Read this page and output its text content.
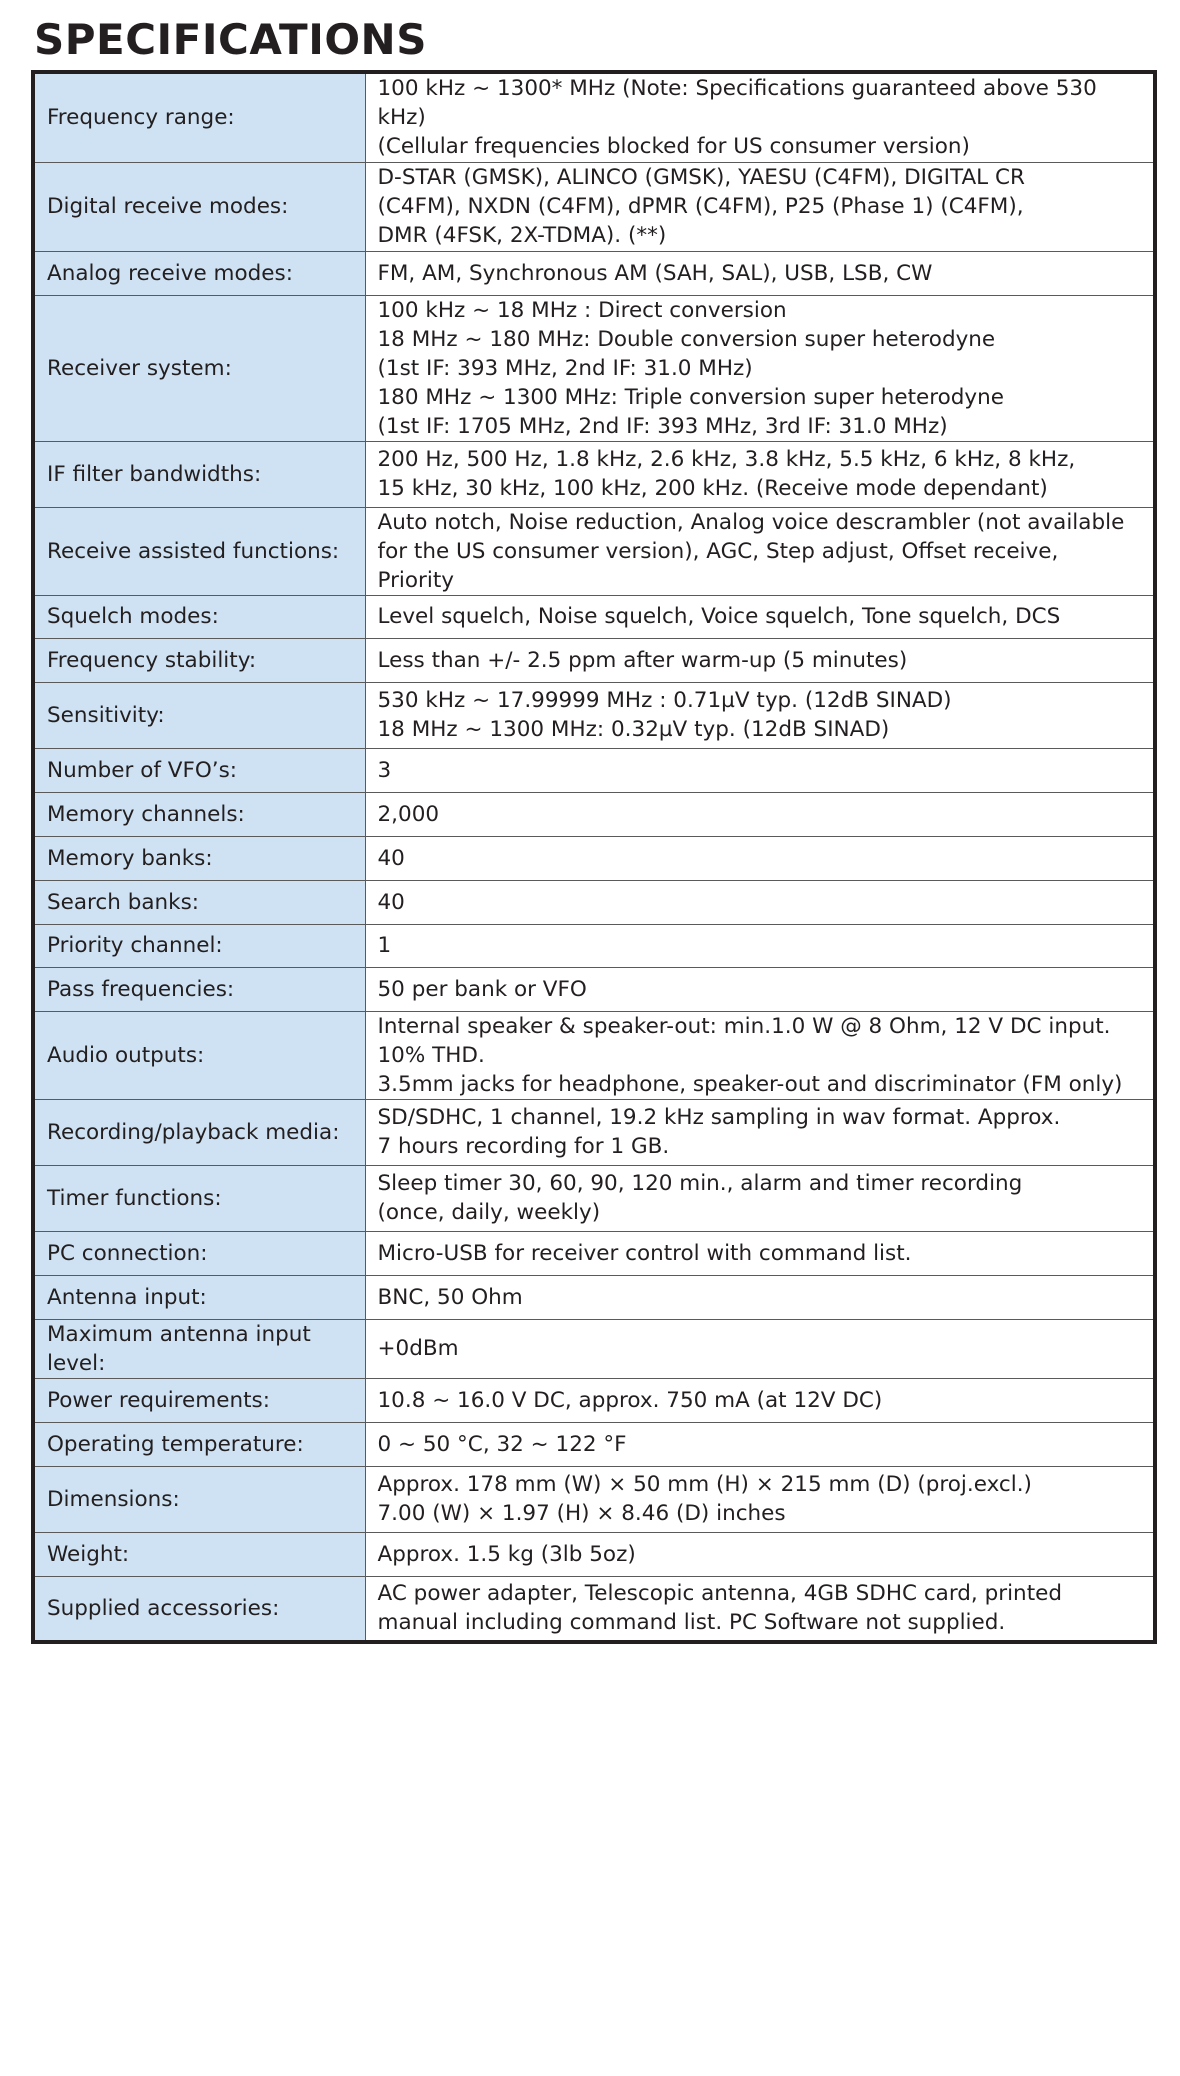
SPECIFICATIONS
Frequency range:	100 kHz ~ 1300* MHz (Note: Specifications guaranteed above 530 kHz)
(Cellular frequencies blocked for US consumer version)
Digital receive modes:	D-STAR (GMSK), ALINCO (GMSK), YAESU (C4FM), DIGITAL CR
(C4FM), NXDN (C4FM), dPMR (C4FM), P25 (Phase 1) (C4FM),
DMR (4FSK, 2X-TDMA). (**)
Analog receive modes:	FM, AM, Synchronous AM (SAH, SAL), USB, LSB, CW
Receiver system:	100 kHz ~ 18 MHz : Direct conversion
18 MHz ~ 180 MHz: Double conversion super heterodyne
(1st IF: 393 MHz, 2nd IF: 31.0 MHz)
180 MHz ~ 1300 MHz: Triple conversion super heterodyne
(1st IF: 1705 MHz, 2nd IF: 393 MHz, 3rd IF: 31.0 MHz)
IF filter bandwidths:	200 Hz, 500 Hz, 1.8 kHz, 2.6 kHz, 3.8 kHz, 5.5 kHz, 6 kHz, 8 kHz,
15 kHz, 30 kHz, 100 kHz, 200 kHz. (Receive mode dependant)
Receive assisted functions:	Auto notch, Noise reduction, Analog voice descrambler (not available
for the US consumer version), AGC, Step adjust, Offset receive, Priority
Squelch modes:	Level squelch, Noise squelch, Voice squelch, Tone squelch, DCS
Frequency stability:	Less than +/- 2.5 ppm after warm-up (5 minutes)
Sensitivity:	530 kHz ~ 17.99999 MHz : 0.71µV typ. (12dB SINAD)
18 MHz ~ 1300 MHz: 0.32µV typ. (12dB SINAD)
Number of VFO’s:	3
Memory channels:	2,000
Memory banks:	40
Search banks:	40
Priority channel:	1
Pass frequencies:	50 per bank or VFO
Audio outputs:	Internal speaker & speaker-out: min.1.0 W @ 8 Ohm, 12 V DC input.
10% THD.
3.5mm jacks for headphone, speaker-out and discriminator (FM only)
Recording/playback media:	SD/SDHC, 1 channel, 19.2 kHz sampling in wav format. Approx.
7 hours recording for 1 GB.
Timer functions:	Sleep timer 30, 60, 90, 120 min., alarm and timer recording
(once, daily, weekly)
PC connection:	Micro-USB for receiver control with command list.
Antenna input:	BNC, 50 Ohm
Maximum antenna input level:	+0dBm
Power requirements:	10.8 ~ 16.0 V DC, approx. 750 mA (at 12V DC)
Operating temperature:	0 ~ 50 °C, 32 ~ 122 °F
Dimensions:	Approx. 178 mm (W) × 50 mm (H) × 215 mm (D) (proj.excl.)
7.00 (W) × 1.97 (H) × 8.46 (D) inches
Weight:	Approx. 1.5 kg (3lb 5oz)
Supplied accessories:	AC power adapter, Telescopic antenna, 4GB SDHC card, printed
manual including command list. PC Software not supplied.
